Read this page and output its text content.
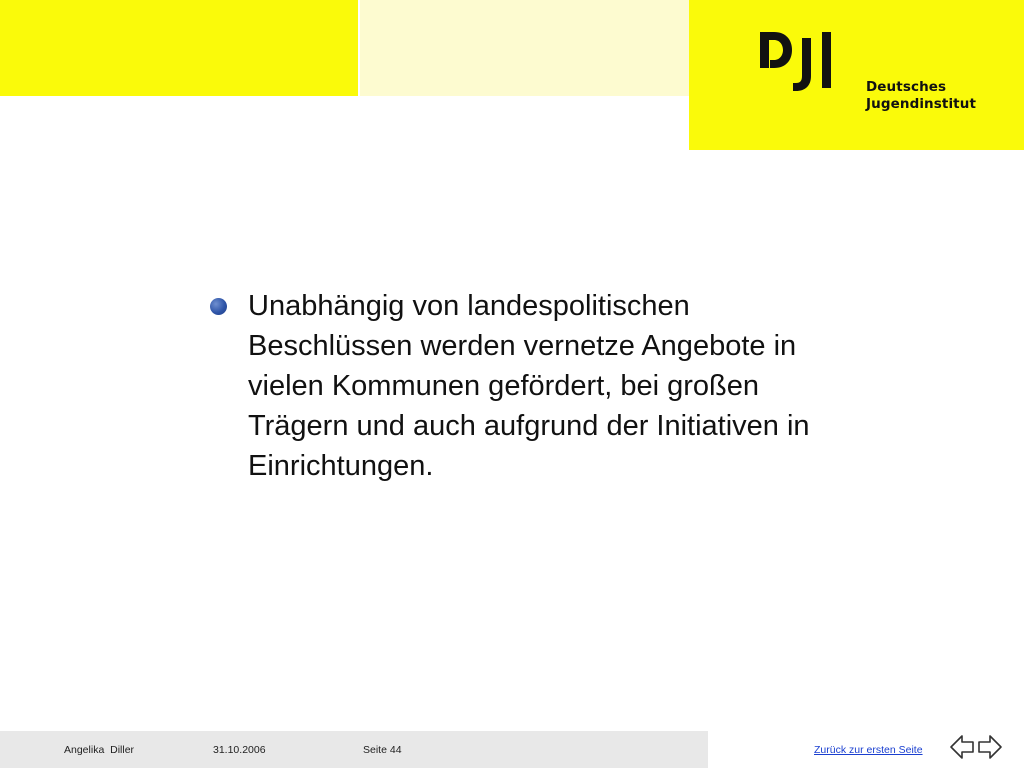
Deutsches
Jugendinstitut
Unabhängig von landespolitischen
Beschlüssen werden vernetze Angebote in
vielen Kommunen gefördert, bei großen
Trägern und auch aufgrund der Initiativen in
Einrichtungen.
Angelika  Diller	31.10.2006	Seite 44	Zurück zur ersten Seite
